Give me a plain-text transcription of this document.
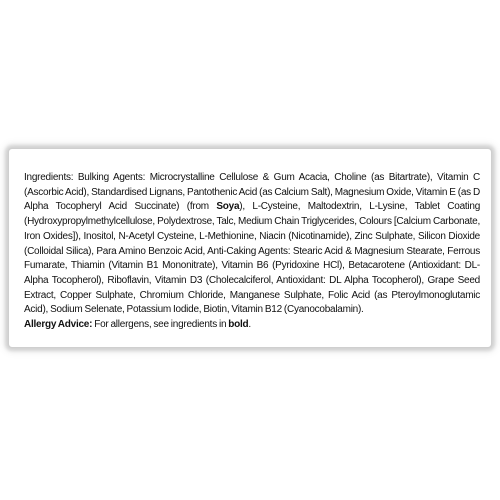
Ingredients: Bulking Agents: Microcrystalline Cellulose & Gum Acacia, Choline (as Bitartrate), Vitamin C (Ascorbic Acid), Standardised Lignans, Pantothenic Acid (as Calcium Salt), Magnesium Oxide, Vitamin E (as D Alpha Tocopheryl Acid Succinate) (from Soya), L-Cysteine, Maltodextrin, L-Lysine, Tablet Coating (Hydroxypropylmethylcellulose, Polydextrose, Talc, Medium Chain Triglycerides, Colours [Calcium Carbonate, Iron Oxides]), Inositol, N-Acetyl Cysteine, L-Methionine, Niacin (Nicotinamide), Zinc Sulphate, Silicon Dioxide (Colloidal Silica), Para Amino Benzoic Acid, Anti-Caking Agents: Stearic Acid & Magnesium Stearate, Ferrous Fumarate, Thiamin (Vitamin B1 Mononitrate), Vitamin B6 (Pyridoxine HCl), Betacarotene (Antioxidant: DL-Alpha Tocopherol), Riboflavin, Vitamin D3 (Cholecalciferol, Antioxidant: DL Alpha Tocopherol), Grape Seed Extract, Copper Sulphate, Chromium Chloride, Manganese Sulphate, Folic Acid (as Pteroylmonoglutamic Acid), Sodium Selenate, Potassium Iodide, Biotin, Vitamin B12 (Cyanocobalamin).
Allergy Advice: For allergens, see ingredients in bold.
